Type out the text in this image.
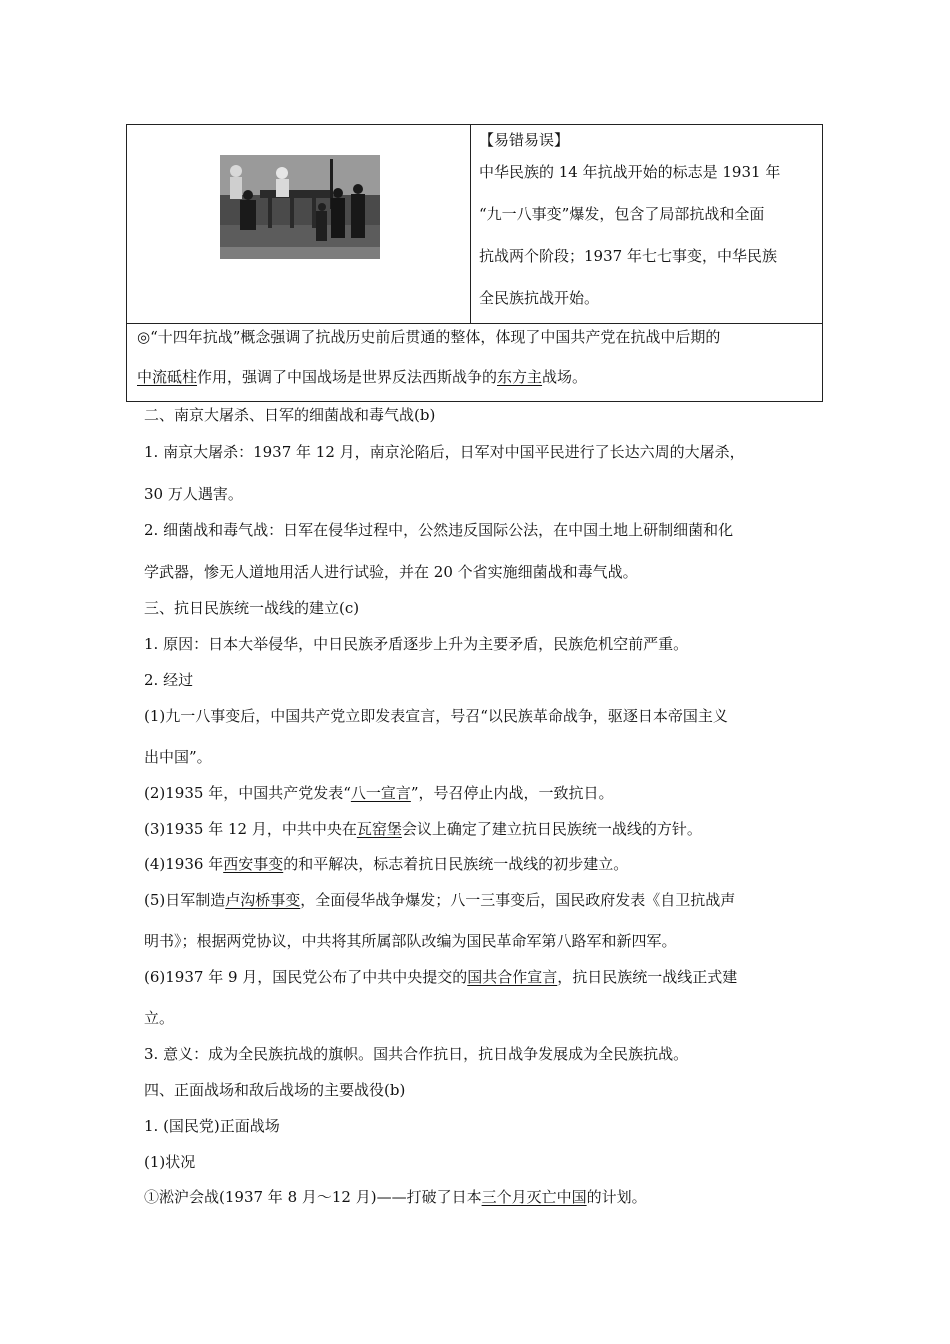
【易错易误】
中华民族的 14 年抗战开始的标志是 1931 年
“九一八事变”爆发，包含了局部抗战和全面
抗战两个阶段；1937 年七七事变，中华民族
全民族抗战开始。
◎“十四年抗战”概念强调了抗战历史前后贯通的整体，体现了中国共产党在抗战中后期的
中流砥柱作用，强调了中国战场是世界反法西斯战争的东方主战场。
二、南京大屠杀、日军的细菌战和毒气战(b)
1. 南京大屠杀：1937 年 12 月，南京沦陷后，日军对中国平民进行了长达六周的大屠杀，
30 万人遇害。
2. 细菌战和毒气战：日军在侵华过程中，公然违反国际公法，在中国土地上研制细菌和化
学武器，惨无人道地用活人进行试验，并在 20 个省实施细菌战和毒气战。
三、抗日民族统一战线的建立(c)
1. 原因：日本大举侵华，中日民族矛盾逐步上升为主要矛盾，民族危机空前严重。
2. 经过
(1)九一八事变后，中国共产党立即发表宣言，号召“以民族革命战争，驱逐日本帝国主义
出中国”。
(2)1935 年，中国共产党发表“八一宣言”，号召停止内战，一致抗日。
(3)1935 年 12 月，中共中央在瓦窑堡会议上确定了建立抗日民族统一战线的方针。
(4)1936 年西安事变的和平解决，标志着抗日民族统一战线的初步建立。
(5)日军制造卢沟桥事变，全面侵华战争爆发；八一三事变后，国民政府发表《自卫抗战声
明书》；根据两党协议，中共将其所属部队改编为国民革命军第八路军和新四军。
(6)1937 年 9 月，国民党公布了中共中央提交的国共合作宣言，抗日民族统一战线正式建
立。
3. 意义：成为全民族抗战的旗帜。国共合作抗日，抗日战争发展成为全民族抗战。
四、正面战场和敌后战场的主要战役(b)
1. (国民党)正面战场
(1)状况
①淞沪会战(1937 年 8 月～12 月)——打破了日本三个月灭亡中国的计划。
